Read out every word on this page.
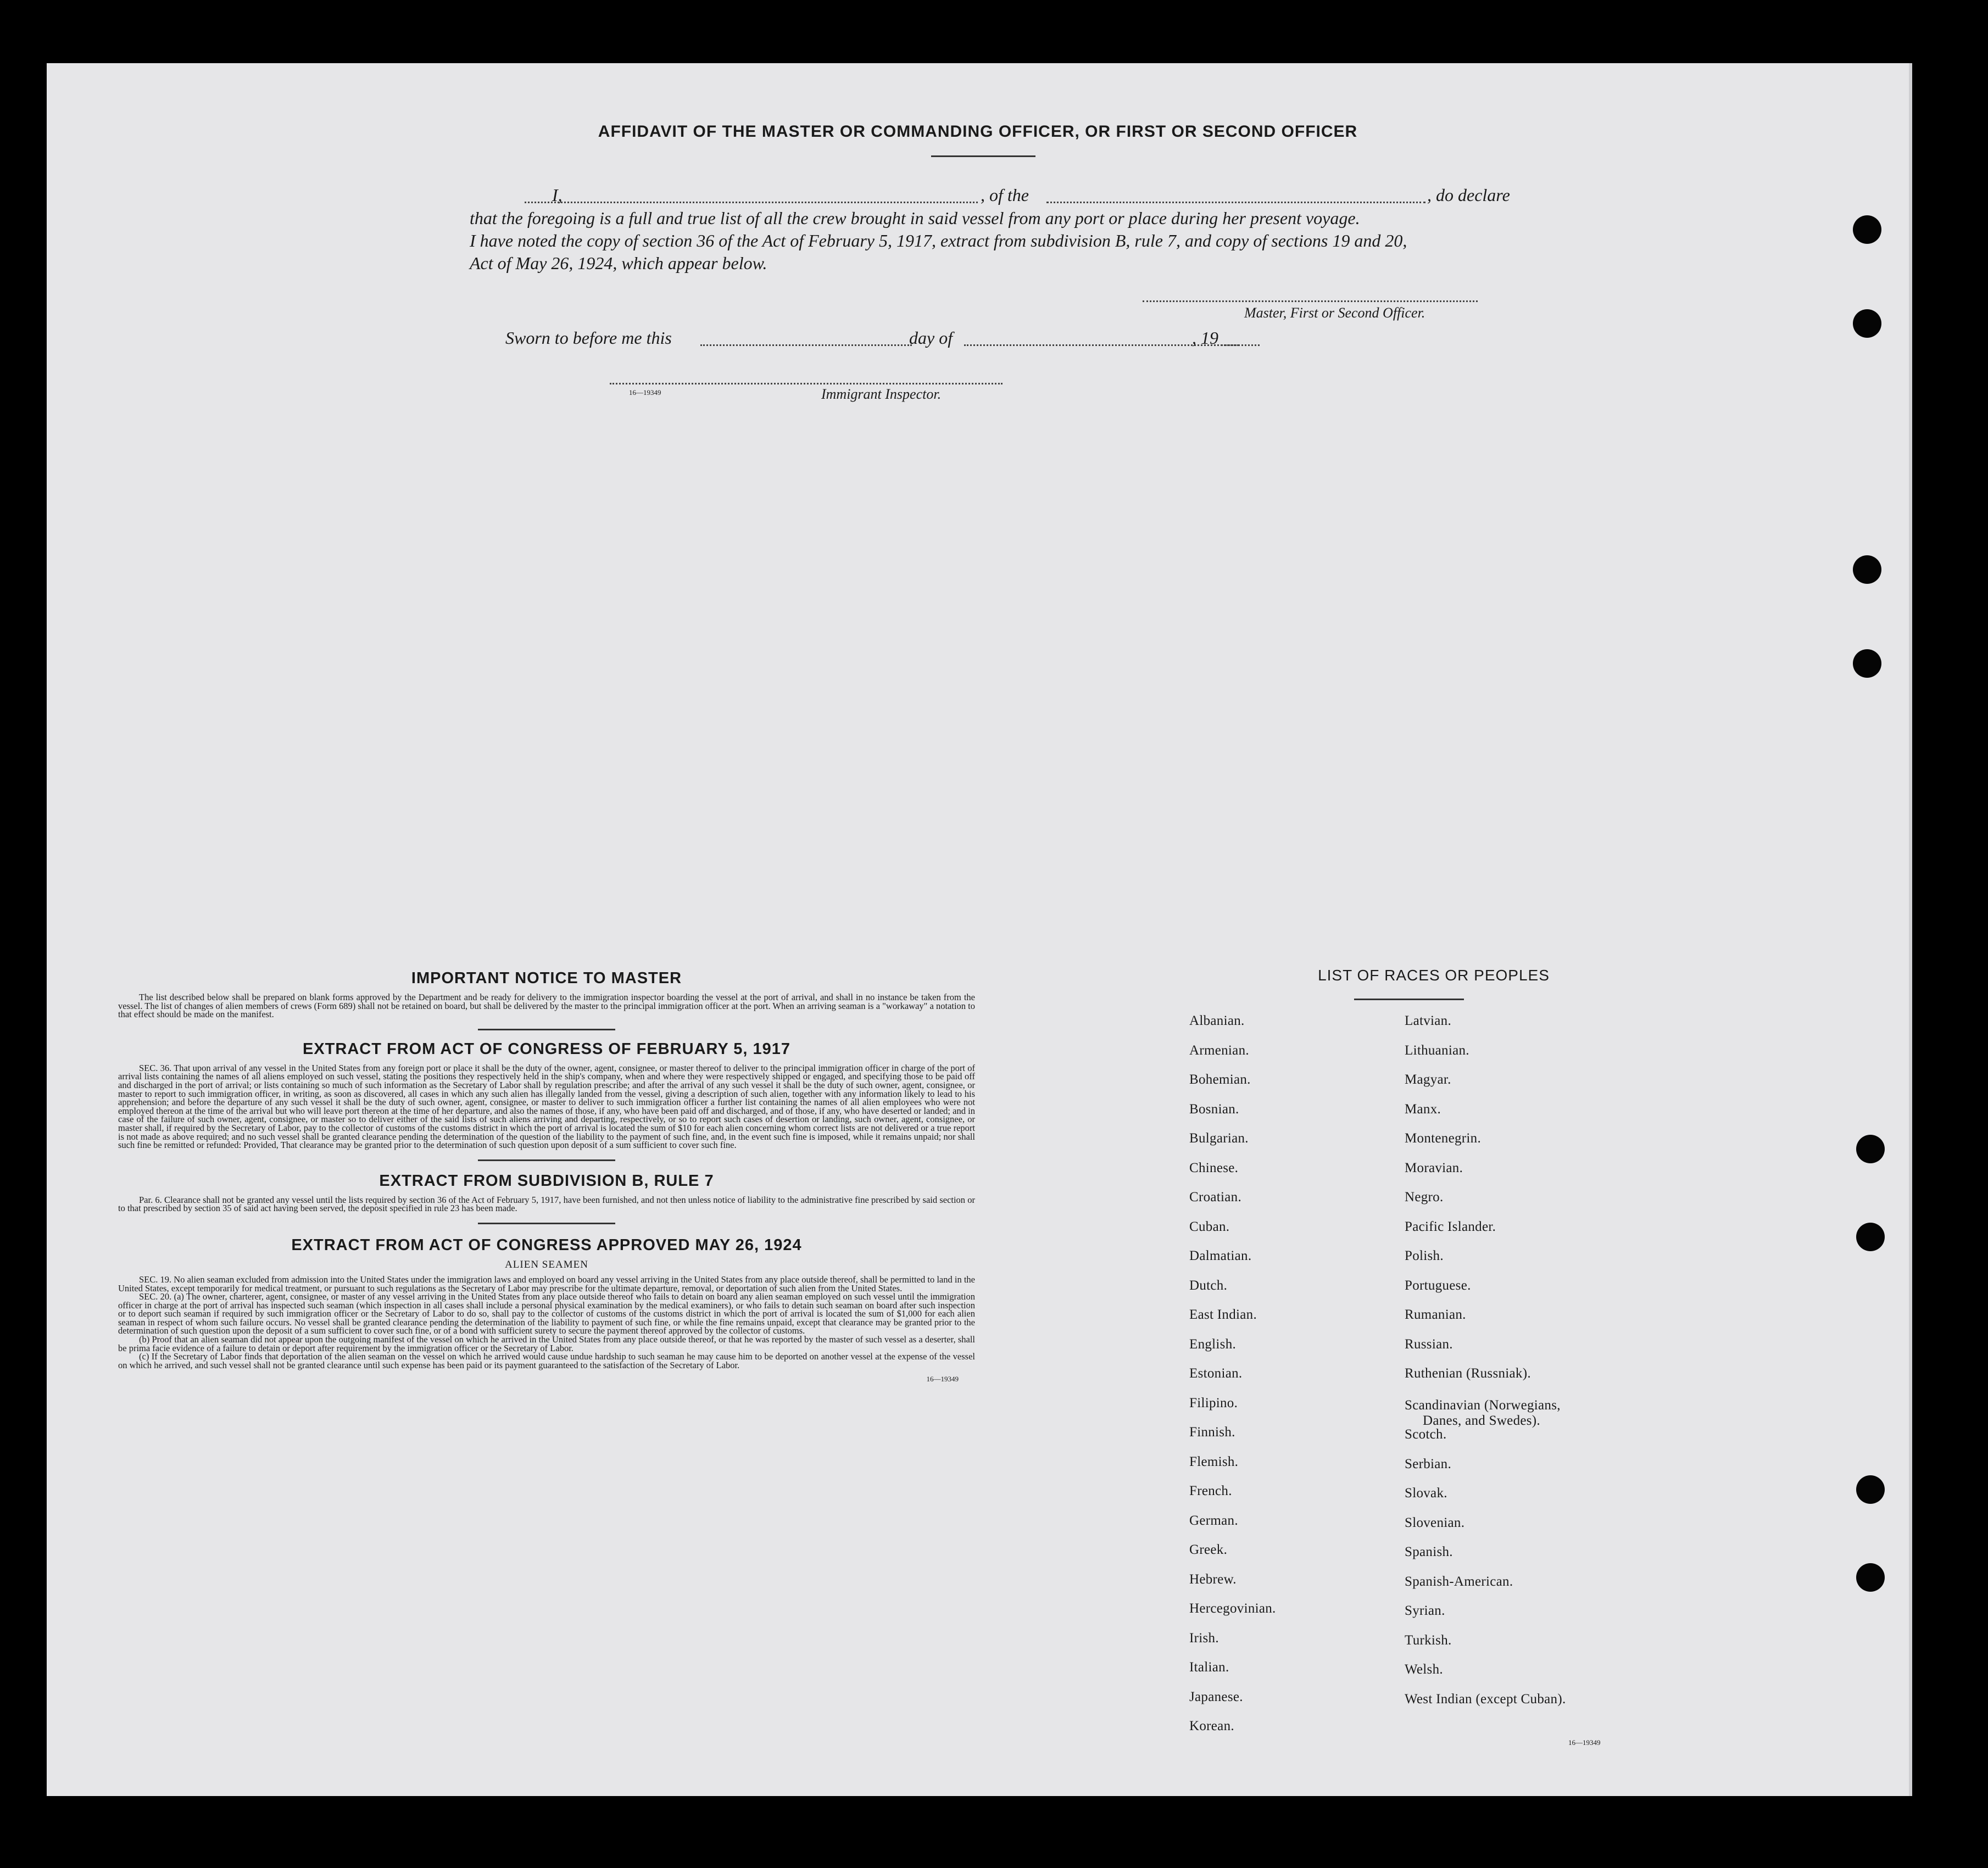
AFFIDAVIT OF THE MASTER OR COMMANDING OFFICER, OR FIRST OR SECOND OFFICER
I,	, of the	, do declare
that the foregoing is a full and true list of all the crew brought in said vessel from any port or place during her present voyage.
I have noted the copy of section 36 of the Act of February 5, 1917, extract from subdivision B, rule 7, and copy of sections 19 and 20,
Act of May 26, 1924, which appear below.
Master, First or Second Officer.
Sworn to before me this	day of	, 19
16—19349	Immigrant Inspector.
IMPORTANT NOTICE TO MASTER

The list described below shall be prepared on blank forms approved by the Department and be ready for delivery to the immigration inspector boarding the vessel at the port of arrival, and shall in no instance be taken from the vessel. The list of changes of alien members of crews (Form 689) shall not be retained on board, but shall be delivered by the master to the principal immigration officer at the port. When an arriving seaman is a "workaway" a notation to that effect should be made on the manifest.

EXTRACT FROM ACT OF CONGRESS OF FEBRUARY 5, 1917

SEC. 36. That upon arrival of any vessel in the United States from any foreign port or place it shall be the duty of the owner, agent, consignee, or master thereof to deliver to the principal immigration officer in charge of the port of arrival lists containing the names of all aliens employed on such vessel, stating the positions they respectively held in the ship's company, when and where they were respectively shipped or engaged, and specifying those to be paid off and discharged in the port of arrival; or lists containing so much of such information as the Secretary of Labor shall by regulation prescribe; and after the arrival of any such vessel it shall be the duty of such owner, agent, consignee, or master to report to such immigration officer, in writing, as soon as discovered, all cases in which any such alien has illegally landed from the vessel, giving a description of such alien, together with any information likely to lead to his apprehension; and before the departure of any such vessel it shall be the duty of such owner, agent, consignee, or master to deliver to such immigration officer a further list containing the names of all alien employees who were not employed thereon at the time of the arrival but who will leave port thereon at the time of her departure, and also the names of those, if any, who have been paid off and discharged, and of those, if any, who have deserted or landed; and in case of the failure of such owner, agent, consignee, or master so to deliver either of the said lists of such aliens arriving and departing, respectively, or so to report such cases of desertion or landing, such owner, agent, consignee, or master shall, if required by the Secretary of Labor, pay to the collector of customs of the customs district in which the port of arrival is located the sum of $10 for each alien concerning whom correct lists are not delivered or a true report is not made as above required; and no such vessel shall be granted clearance pending the determination of the question of the liability to the payment of such fine, and, in the event such fine is imposed, while it remains unpaid; nor shall such fine be remitted or refunded: Provided, That clearance may be granted prior to the determination of such question upon deposit of a sum sufficient to cover such fine.

EXTRACT FROM SUBDIVISION B, RULE 7

Par. 6. Clearance shall not be granted any vessel until the lists required by section 36 of the Act of February 5, 1917, have been furnished, and not then unless notice of liability to the administrative fine prescribed by said section or to that prescribed by section 35 of said act having been served, the deposit specified in rule 23 has been made.

EXTRACT FROM ACT OF CONGRESS APPROVED MAY 26, 1924
ALIEN SEAMEN

SEC. 19. No alien seaman excluded from admission into the United States under the immigration laws and employed on board any vessel arriving in the United States from any place outside thereof, shall be permitted to land in the United States, except temporarily for medical treatment, or pursuant to such regulations as the Secretary of Labor may prescribe for the ultimate departure, removal, or deportation of such alien from the United States.

SEC. 20. (a) The owner, charterer, agent, consignee, or master of any vessel arriving in the United States from any place outside thereof who fails to detain on board any alien seaman employed on such vessel until the immigration officer in charge at the port of arrival has inspected such seaman (which inspection in all cases shall include a personal physical examination by the medical examiners), or who fails to detain such seaman on board after such inspection or to deport such seaman if required by such immigration officer or the Secretary of Labor to do so, shall pay to the collector of customs of the customs district in which the port of arrival is located the sum of $1,000 for each alien seaman in respect of whom such failure occurs. No vessel shall be granted clearance pending the determination of the liability to payment of such fine, or while the fine remains unpaid, except that clearance may be granted prior to the determination of such question upon the deposit of a sum sufficient to cover such fine, or of a bond with sufficient surety to secure the payment thereof approved by the collector of customs.

(b) Proof that an alien seaman did not appear upon the outgoing manifest of the vessel on which he arrived in the United States from any place outside thereof, or that he was reported by the master of such vessel as a deserter, shall be prima facie evidence of a failure to detain or deport after requirement by the immigration officer or the Secretary of Labor.

(c) If the Secretary of Labor finds that deportation of the alien seaman on the vessel on which he arrived would cause undue hardship to such seaman he may cause him to be deported on another vessel at the expense of the vessel on which he arrived, and such vessel shall not be granted clearance until such expense has been paid or its payment guaranteed to the satisfaction of the Secretary of Labor.

16—19349
LIST OF RACES OR PEOPLES
Albanian.
Armenian.
Bohemian.
Bosnian.
Bulgarian.
Chinese.
Croatian.
Cuban.
Dalmatian.
Dutch.
East Indian.
English.
Estonian.
Filipino.
Finnish.
Flemish.
French.
German.
Greek.
Hebrew.
Hercegovinian.
Irish.
Italian.
Japanese.
Korean.
Latvian.
Lithuanian.
Magyar.
Manx.
Montenegrin.
Moravian.
Negro.
Pacific Islander.
Polish.
Portuguese.
Rumanian.
Russian.
Ruthenian (Russniak).
Scandinavian (Norwegians,
Danes, and Swedes).
Scotch.
Serbian.
Slovak.
Slovenian.
Spanish.
Spanish-American.
Syrian.
Turkish.
Welsh.
West Indian (except Cuban).
16—19349
